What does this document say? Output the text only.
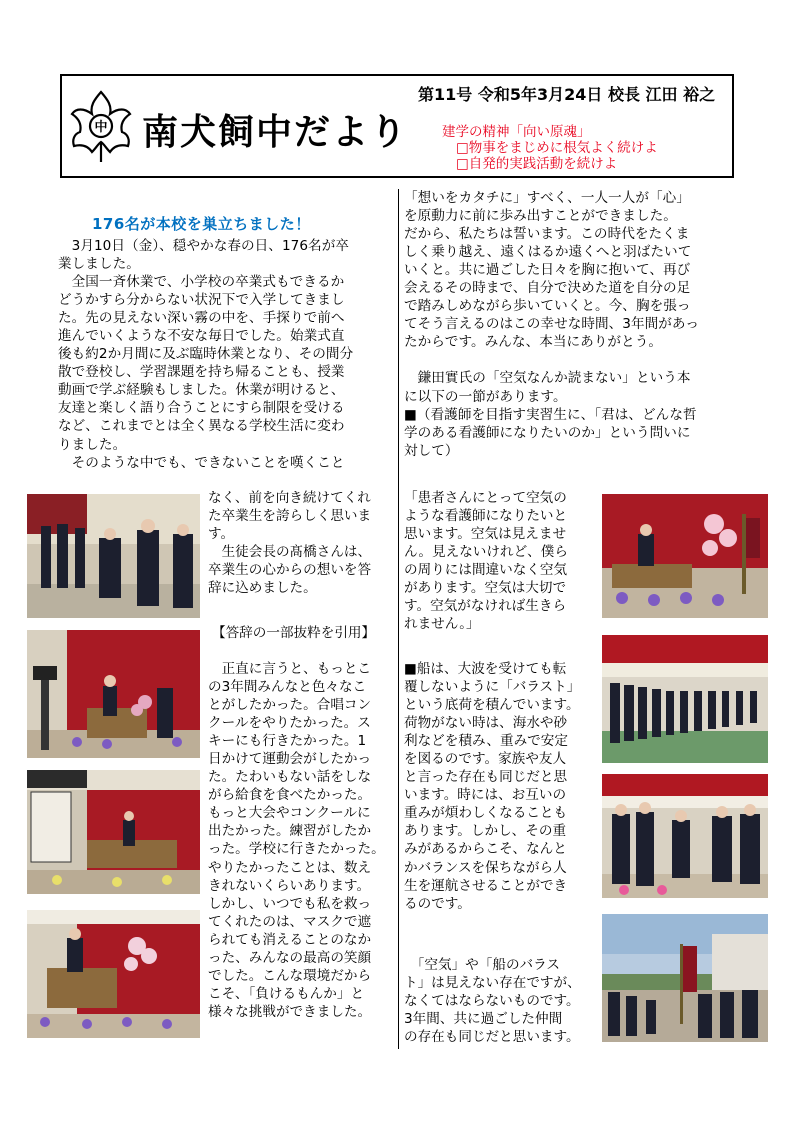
中 南犬飼中だより
第11号 令和5年3月24日 校長 江田 裕之
建学の精神「向い原魂」
□物事をまじめに根気よく続けよ
□自発的実践活動を続けよ
176名が本校を巣立ちました！

　3月10日（金）、穏やかな春の日、176名が卒

業しました。

　全国一斉休業で、小学校の卒業式もできるか

どうかすら分からない状況下で入学してきまし

た。先の見えない深い霧の中を、手探りで前へ

進んでいくような不安な毎日でした。始業式直

後も約2か月間に及ぶ臨時休業となり、その間分

散で登校し、学習課題を持ち帰ることも、授業

動画で学ぶ経験もしました。休業が明けると、

友達と楽しく語り合うことにすら制限を受ける

など、これまでとは全く異なる学校生活に変わ

りました。

　そのような中でも、できないことを嘆くこと

なく、前を向き続けてくれ

た卒業生を誇らしく思いま

す。

　生徒会長の髙橋さんは、

卒業生の心からの想いを答

辞に込めました。

【答辞の一部抜粋を引用】

　正直に言うと、もっとこ

の3年間みんなと色々なこ

とがしたかった。合唱コン

クールをやりたかった。ス

キーにも行きたかった。1

日かけて運動会がしたかっ

た。たわいもない話をしな

がら給食を食べたかった。

もっと大会やコンクールに

出たかった。練習がしたか

った。学校に行きたかった。

やりたかったことは、数え

きれないくらいあります。

しかし、いつでも私を救っ

てくれたのは、マスクで遮

られても消えることのなか

った、みんなの最高の笑顔

でした。こんな環境だから

こそ、「負けるもんか」と

様々な挑戦ができました。

「想いをカタチに」すべく、一人一人が「心」

を原動力に前に歩み出すことができました。

だから、私たちは誓います。この時代をたくま

しく乗り越え、遠くはるか遠くへと羽ばたいて

いくと。共に過ごした日々を胸に抱いて、再び

会えるその時まで、自分で決めた道を自分の足

で踏みしめながら歩いていくと。今、胸を張っ

てそう言えるのはこの幸せな時間、3年間があっ

たからです。みんな、本当にありがとう。

　鎌田實氏の「空気なんか読まない」という本

に以下の一節があります。

■（看護師を目指す実習生に、「君は、どんな哲

学のある看護師になりたいのか」という問いに

対して）

「患者さんにとって空気の

ような看護師になりたいと

思います。空気は見えませ

ん。見えないけれど、僕ら

の周りには間違いなく空気

があります。空気は大切で

す。空気がなければ生きら

れません。」

■船は、大波を受けても転

覆しないように「バラスト」

という底荷を積んでいます。

荷物がない時は、海水や砂

利などを積み、重みで安定

を図るのです。家族や友人

と言った存在も同じだと思

います。時には、お互いの

重みが煩わしくなることも

あります。しかし、その重

みがあるからこそ、なんと

かバランスを保ちながら人

生を運航させることができ

るのです。

　「空気」や「船のバラス

ト」は見えない存在ですが、

なくてはならないものです。

3年間、共に過ごした仲間

の存在も同じだと思います。
